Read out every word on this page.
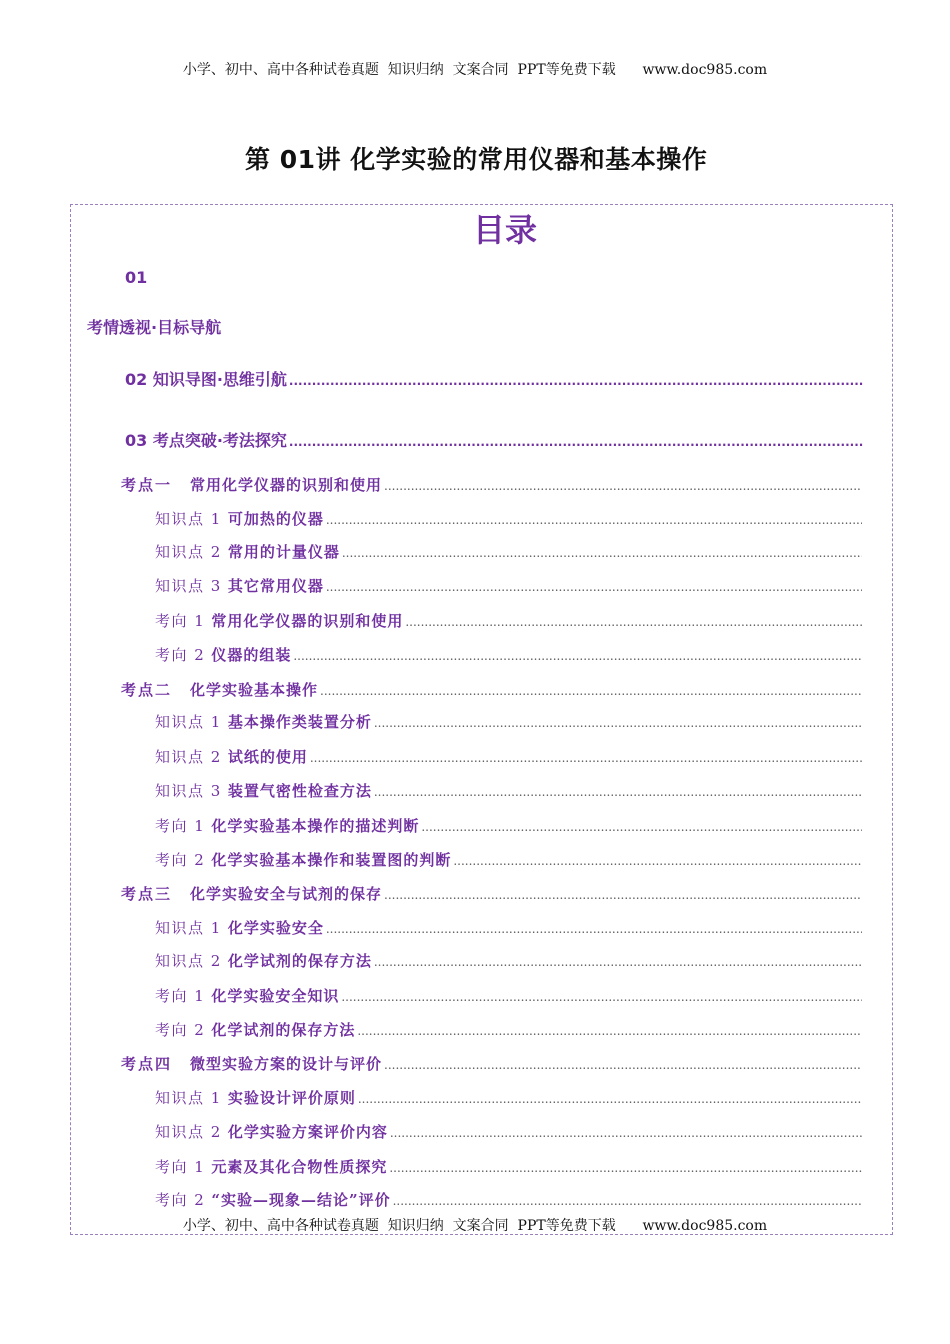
小学、初中、高中各种试卷真题  知识归纳  文案合同  PPT等免费下载      www.doc985.com
第 01讲 化学实验的常用仪器和基本操作
目录
01
考情透视·目标导航
02 知识导图·思维引航
.....
03 考点突破·考法探究
.....
考点一 常用化学仪器的识别和使用
.....
知识点 1 可加热的仪器
.....
知识点 2 常用的计量仪器
.....
知识点 3 其它常用仪器
.....
考向 1 常用化学仪器的识别和使用
.....
考向 2 仪器的组装
.....
考点二 化学实验基本操作
.....
知识点 1 基本操作类装置分析
.....
知识点 2 试纸的使用
.....
知识点 3 装置气密性检查方法
.....
考向 1 化学实验基本操作的描述判断
.....
考向 2 化学实验基本操作和装置图的判断
.....
考点三 化学实验安全与试剂的保存
.....
知识点 1 化学实验安全
.....
知识点 2 化学试剂的保存方法
.....
考向 1 化学实验安全知识
.....
考向 2 化学试剂的保存方法
.....
考点四 微型实验方案的设计与评价
.....
知识点 1 实验设计评价原则
.....
知识点 2 化学实验方案评价内容
.....
考向 1 元素及其化合物性质探究
.....
考向 2 “实验—现象—结论”评价
.....
小学、初中、高中各种试卷真题  知识归纳  文案合同  PPT等免费下载      www.doc985.com
